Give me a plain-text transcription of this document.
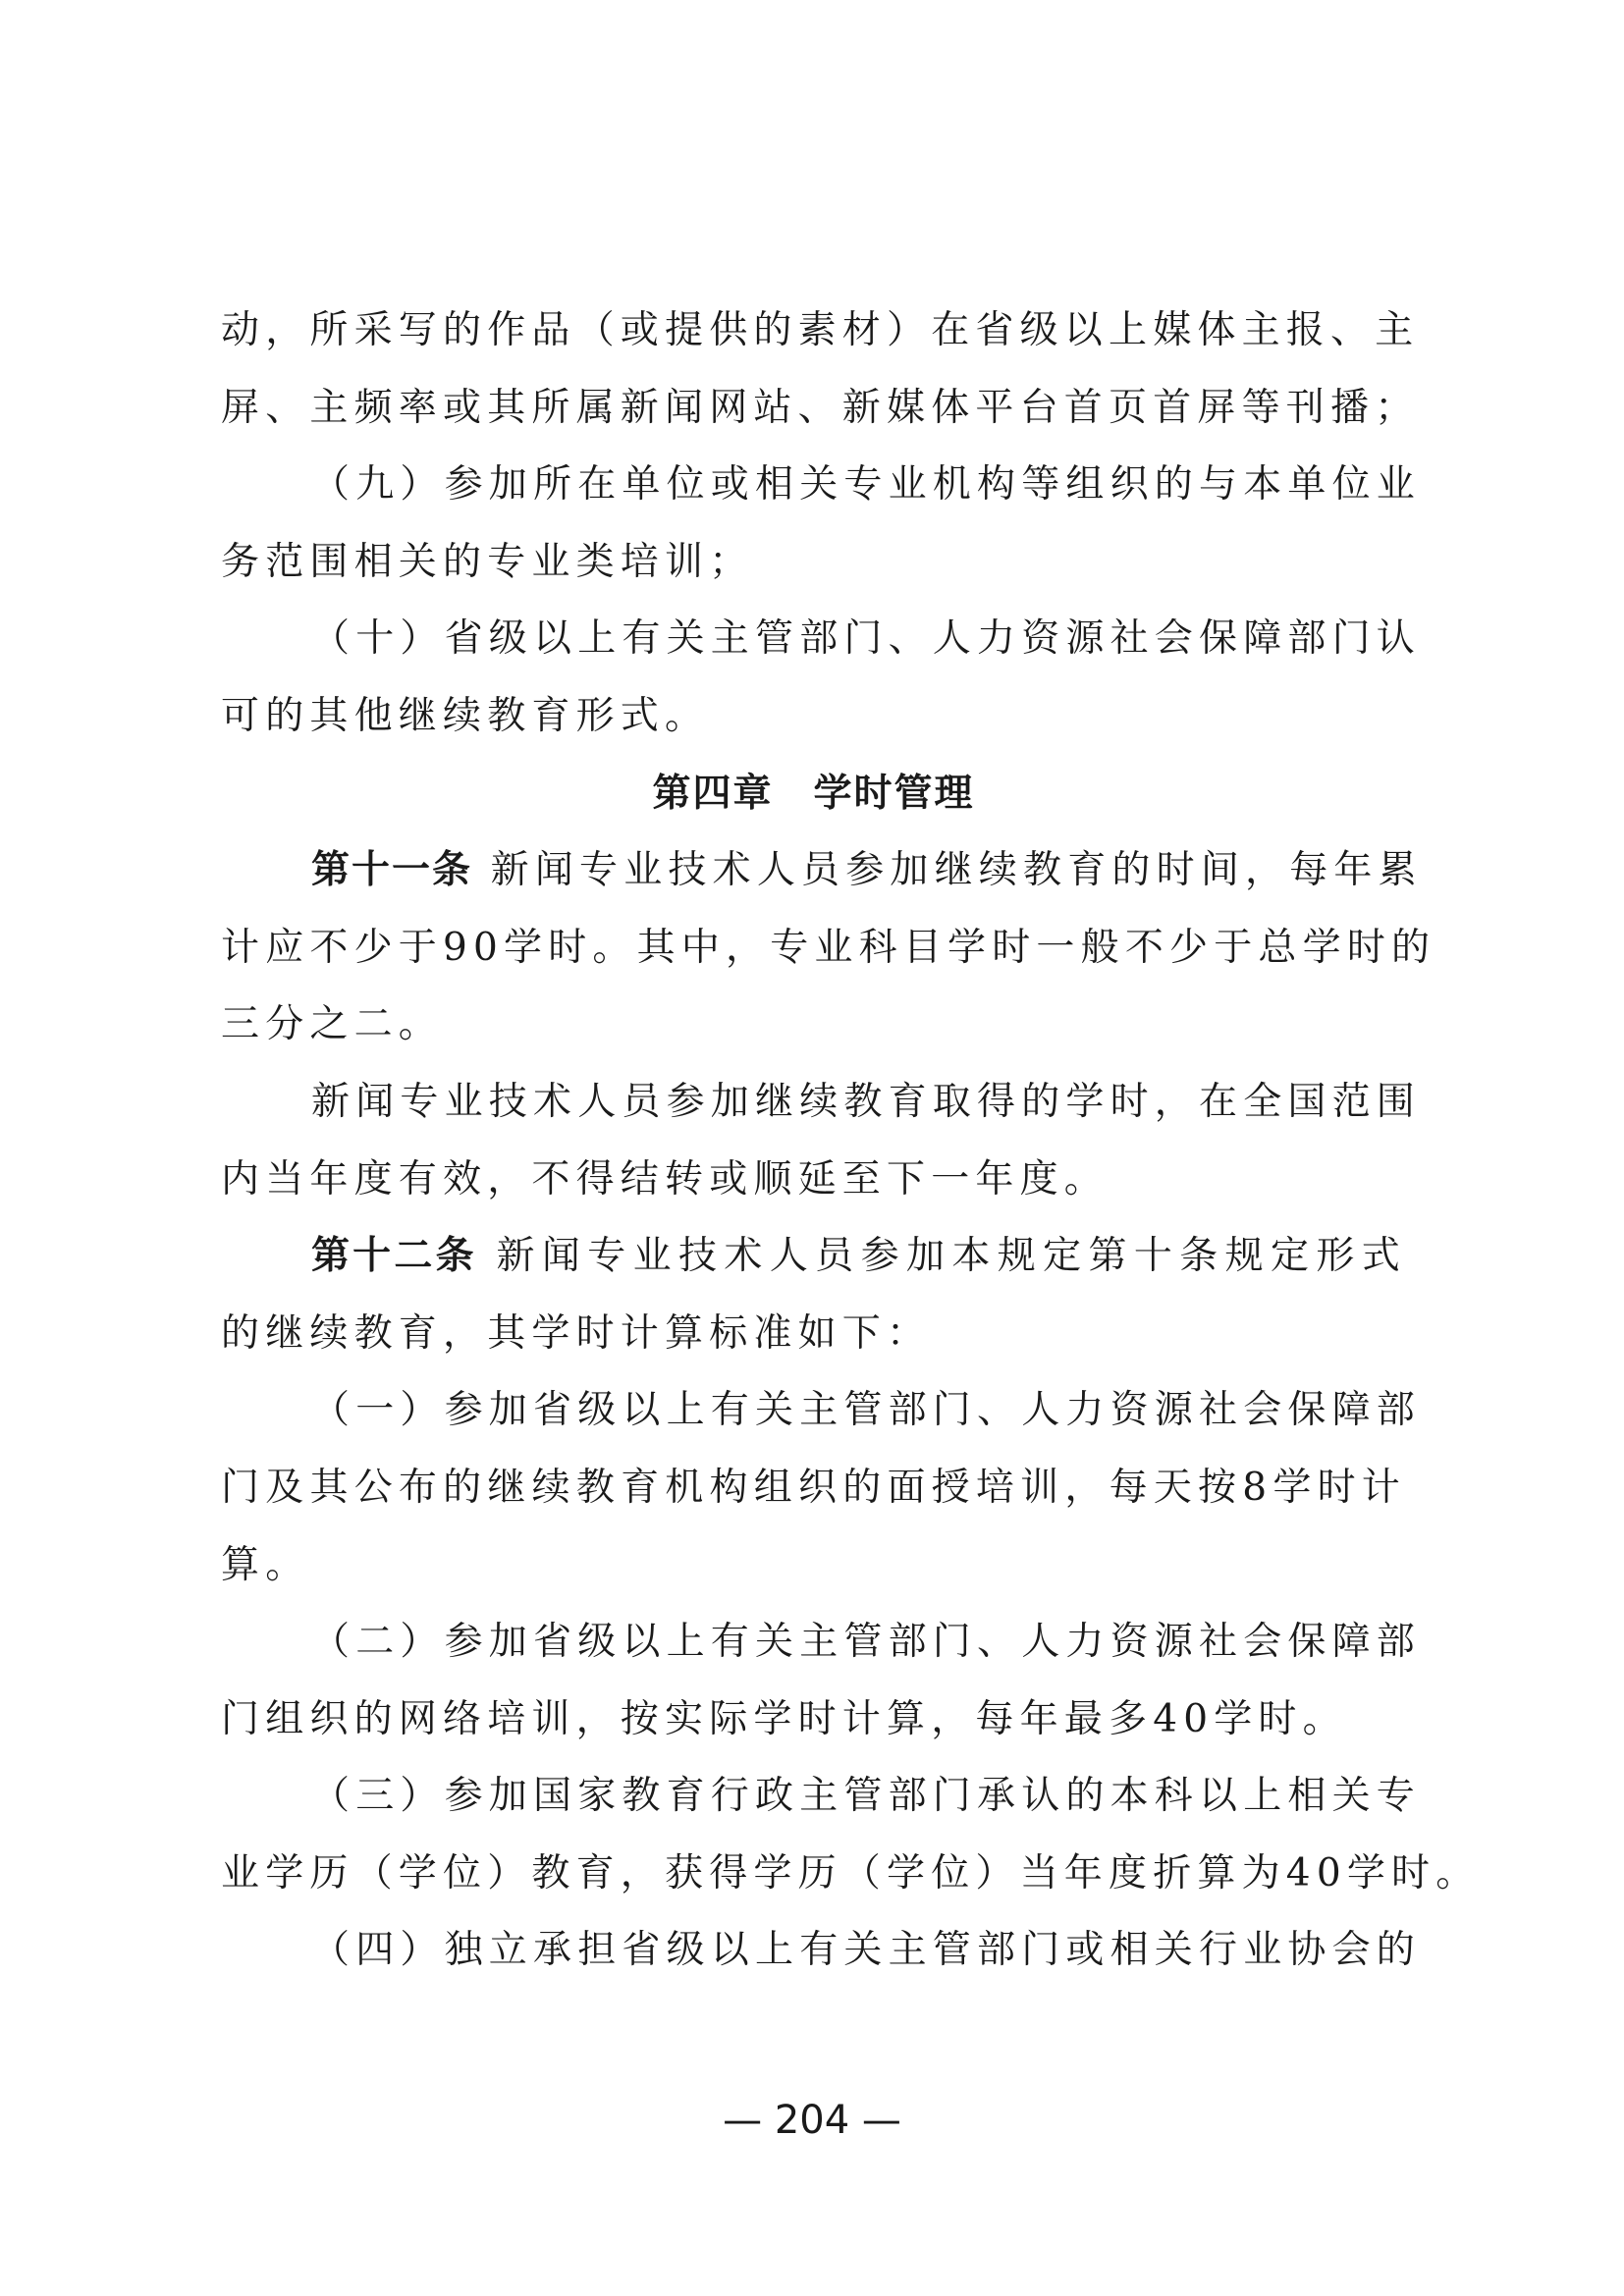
动，所采写的作品（或提供的素材）在省级以上媒体主报、主
屏、主频率或其所属新闻网站、新媒体平台首页首屏等刊播；
（九）参加所在单位或相关专业机构等组织的与本单位业
务范围相关的专业类培训；
（十）省级以上有关主管部门、人力资源社会保障部门认
可的其他继续教育形式。
第四章　学时管理
第十一条 新闻专业技术人员参加继续教育的时间，每年累
计应不少于90学时。其中，专业科目学时一般不少于总学时的
三分之二。
新闻专业技术人员参加继续教育取得的学时，在全国范围
内当年度有效，不得结转或顺延至下一年度。
第十二条 新闻专业技术人员参加本规定第十条规定形式
的继续教育，其学时计算标准如下：
（一）参加省级以上有关主管部门、人力资源社会保障部
门及其公布的继续教育机构组织的面授培训，每天按8学时计
算。
（二）参加省级以上有关主管部门、人力资源社会保障部
门组织的网络培训，按实际学时计算，每年最多40学时。
（三）参加国家教育行政主管部门承认的本科以上相关专
业学历（学位）教育，获得学历（学位）当年度折算为40学时。
（四）独立承担省级以上有关主管部门或相关行业协会的
— 204 —
